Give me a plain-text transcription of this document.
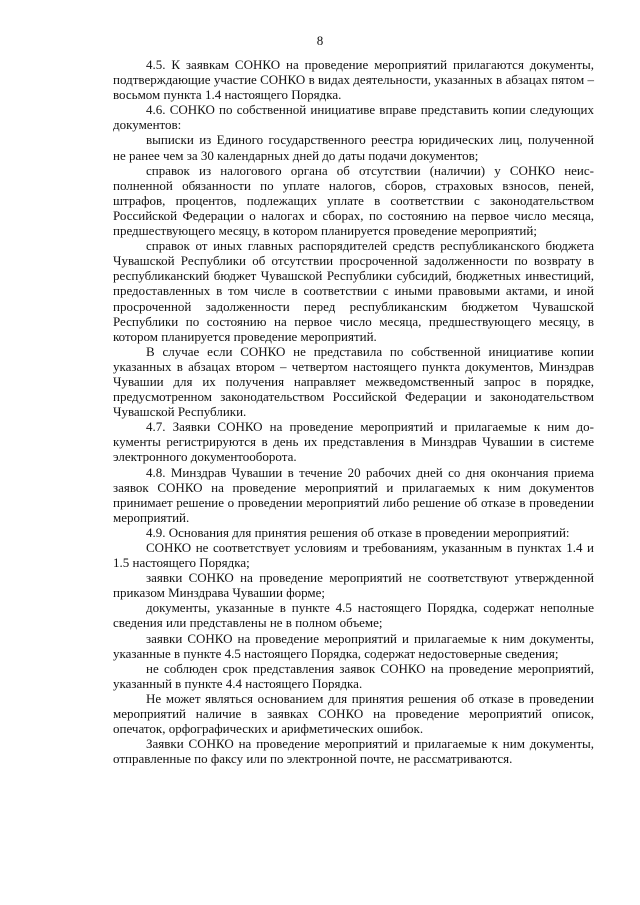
8

4.5. К заявкам СОНКО на проведение мероприятий прилагаются документы, подтверждающие участие СОНКО в видах деятельности, указанных в абзацах пятом – восьмом пункта 1.4 настоящего Порядка.

4.6. СОНКО по собственной инициативе вправе представить копии следующих документов:

выписки из Единого государственного реестра юридических лиц, полученной не ранее чем за 30 календарных дней до даты подачи документов;

справок из налогового органа об отсутствии (наличии) у СОНКО неисполненной обязанности по уплате налогов, сборов, страховых взносов, пеней, штрафов, процентов, подлежащих уплате в соответствии с законодательством Российской Федерации о налогах и сборах, по состоянию на первое число месяца, предшествующего месяцу, в котором планируется проведение мероприятий;

справок от иных главных распорядителей средств республиканского бюджета Чувашской Республики об отсутствии просроченной задолженности по возврату в республиканский бюджет Чувашской Республики субсидий, бюджетных инвестиций, предоставленных в том числе в соответствии с иными правовыми актами, и иной просроченной задолженности перед республиканским бюджетом Чувашской Республики по состоянию на первое число месяца, предшествующего месяцу, в котором планируется проведение мероприятий.

В случае если СОНКО не представила по собственной инициативе копии указанных в абзацах втором – четвертом настоящего пункта документов, Минздрав Чувашии для их получения направляет межведомственный запрос в порядке, предусмотренном законодательством Российской Федерации и законодательством Чувашской Республики.

4.7. Заявки СОНКО на проведение мероприятий и прилагаемые к ним документы регистрируются в день их представления в Минздрав Чувашии в системе электронного документооборота.

4.8. Минздрав Чувашии в течение 20 рабочих дней со дня окончания приема заявок СОНКО на проведение мероприятий и прилагаемых к ним документов принимает решение о проведении мероприятий либо решение об отказе в проведении мероприятий.

4.9. Основания для принятия решения об отказе в проведении мероприятий:

СОНКО не соответствует условиям и требованиям, указанным в пунктах 1.4 и 1.5 настоящего Порядка;

заявки СОНКО на проведение мероприятий не соответствуют утвержденной приказом Минздрава Чувашии форме;

документы, указанные в пункте 4.5 настоящего Порядка, содержат неполные сведения или представлены не в полном объеме;

заявки СОНКО на проведение мероприятий и прилагаемые к ним документы, указанные в пункте 4.5 настоящего Порядка, содержат недостоверные сведения;

не соблюден срок представления заявок СОНКО на проведение мероприятий, указанный в пункте 4.4 настоящего Порядка.

Не может являться основанием для принятия решения об отказе в проведении мероприятий наличие в заявках СОНКО на проведение мероприятий описок, опечаток, орфографических и арифметических ошибок.

Заявки СОНКО на проведение мероприятий и прилагаемые к ним документы, отправленные по факсу или по электронной почте, не рассматриваются.
